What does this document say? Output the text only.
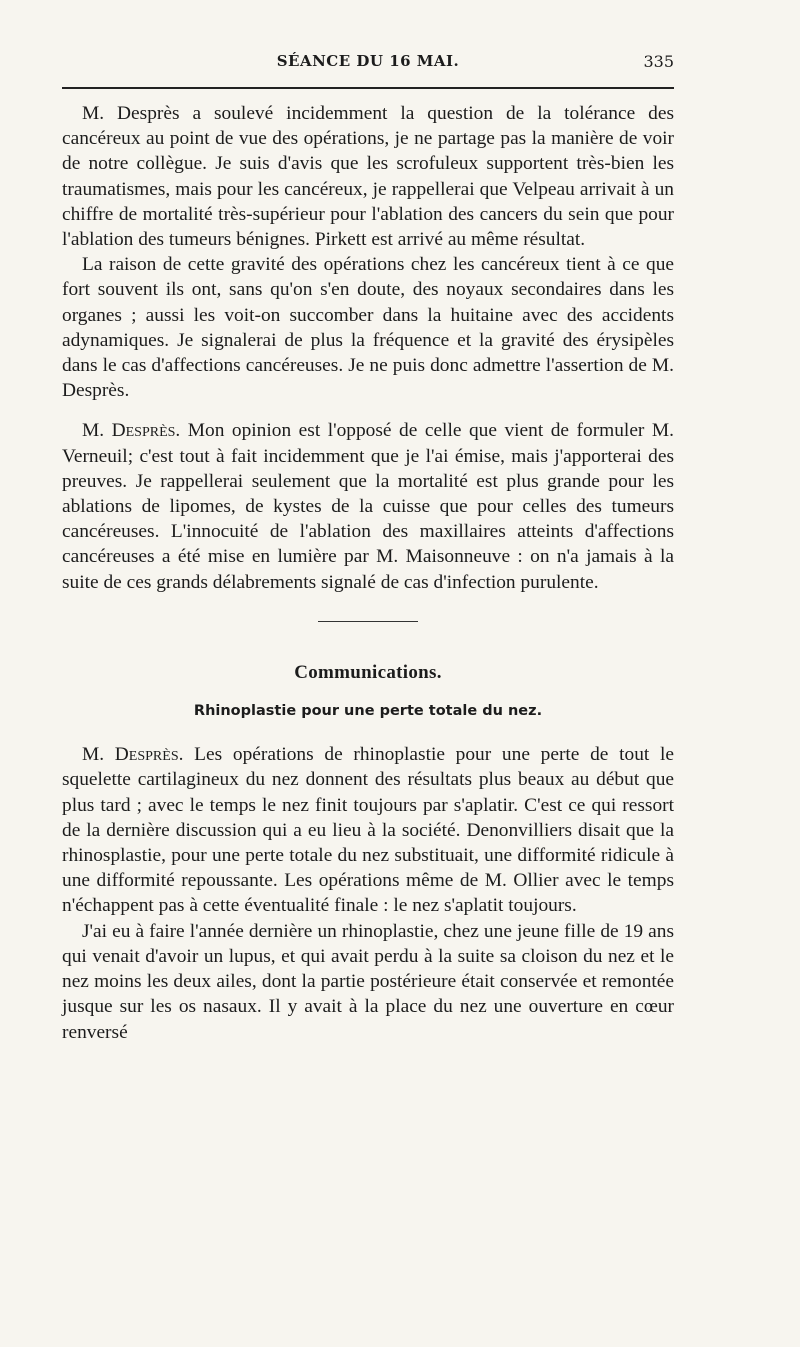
SÉANCE DU 16 MAI.	335

M. Desprès a soulevé incidemment la question de la tolérance des cancéreux au point de vue des opérations, je ne partage pas la manière de voir de notre collègue. Je suis d'avis que les scrofuleux supportent très-bien les traumatismes, mais pour les cancéreux, je rappellerai que Velpeau arrivait à un chiffre de mortalité très-supérieur pour l'ablation des cancers du sein que pour l'ablation des tumeurs bénignes. Pirkett est arrivé au même résultat.

La raison de cette gravité des opérations chez les cancéreux tient à ce que fort souvent ils ont, sans qu'on s'en doute, des noyaux secondaires dans les organes ; aussi les voit-on succomber dans la huitaine avec des accidents adynamiques. Je signalerai de plus la fréquence et la gravité des érysipèles dans le cas d'affections cancéreuses. Je ne puis donc admettre l'assertion de M. Desprès.

M. Desprès. Mon opinion est l'opposé de celle que vient de formuler M. Verneuil; c'est tout à fait incidemment que je l'ai émise, mais j'apporterai des preuves. Je rappellerai seulement que la mortalité est plus grande pour les ablations de lipomes, de kystes de la cuisse que pour celles des tumeurs cancéreuses. L'innocuité de l'ablation des maxillaires atteints d'affections cancéreuses a été mise en lumière par M. Maisonneuve : on n'a jamais à la suite de ces grands délabrements signalé de cas d'infection purulente.

Communications.
Rhinoplastie pour une perte totale du nez.

M. Desprès. Les opérations de rhinoplastie pour une perte de tout le squelette cartilagineux du nez donnent des résultats plus beaux au début que plus tard ; avec le temps le nez finit toujours par s'aplatir. C'est ce qui ressort de la dernière discussion qui a eu lieu à la société. Denonvilliers disait que la rhinosplastie, pour une perte totale du nez substituait, une difformité ridicule à une difformité repoussante. Les opérations même de M. Ollier avec le temps n'échappent pas à cette éventualité finale : le nez s'aplatit toujours.

J'ai eu à faire l'année dernière un rhinoplastie, chez une jeune fille de 19 ans qui venait d'avoir un lupus, et qui avait perdu à la suite sa cloison du nez et le nez moins les deux ailes, dont la partie postérieure était conservée et remontée jusque sur les os nasaux. Il y avait à la place du nez une ouverture en cœur renversé
